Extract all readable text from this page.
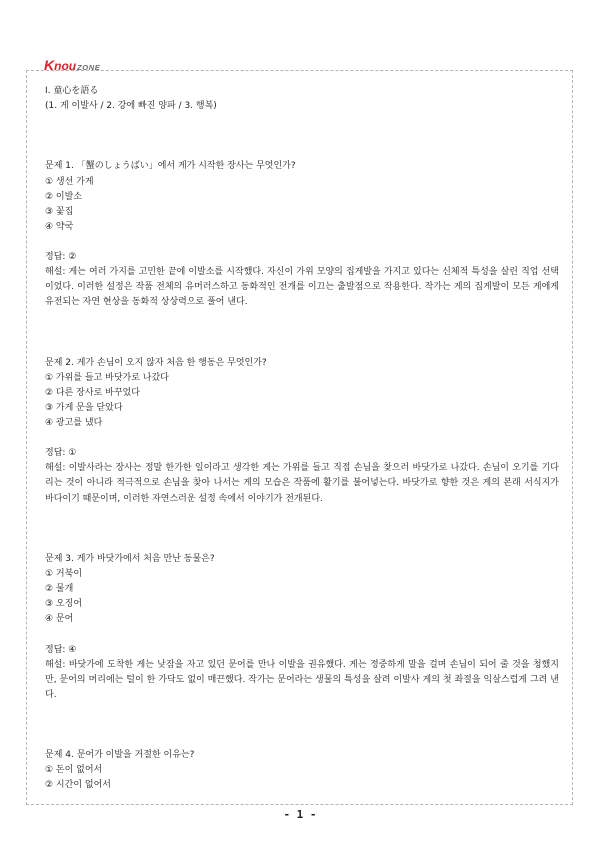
KnouZONE

Ⅰ. 童心を語る

(1. 게 이발사 / 2. 강에 빠진 양파 / 3. 행복)

문제 1. 「蟹のしょうばい」에서 게가 시작한 장사는 무엇인가?

① 생선 가게

② 이발소

③ 꽃집

④ 약국

정답: ②

해설: 게는 여러 가지를 고민한 끝에 이발소를 시작했다. 자신이 가위 모양의 집게발을 가지고 있다는 신체적 특성을 살린 직업 선택이었다. 이러한 설정은 작품 전체의 유머러스하고 동화적인 전개를 이끄는 출발점으로 작용한다. 작가는 게의 집게발이 모든 게에게 유전되는 자연 현상을 동화적 상상력으로 풀어 낸다.

문제 2. 게가 손님이 오지 않자 처음 한 행동은 무엇인가?

① 가위를 들고 바닷가로 나갔다

② 다른 장사로 바꾸었다

③ 가게 문을 닫았다

④ 광고를 냈다

정답: ①

해설: 이발사라는 장사는 정말 한가한 일이라고 생각한 게는 가위를 들고 직접 손님을 찾으러 바닷가로 나갔다. 손님이 오기를 기다리는 것이 아니라 적극적으로 손님을 찾아 나서는 게의 모습은 작품에 활기를 불어넣는다. 바닷가로 향한 것은 게의 본래 서식지가 바다이기 때문이며, 이러한 자연스러운 설정 속에서 이야기가 전개된다.

문제 3. 게가 바닷가에서 처음 만난 동물은?

① 거북이

② 물개

③ 오징어

④ 문어

정답: ④

해설: 바닷가에 도착한 게는 낮잠을 자고 있던 문어를 만나 이발을 권유했다. 게는 정중하게 말을 걸며 손님이 되어 줄 것을 청했지만, 문어의 머리에는 털이 한 가닥도 없이 매끈했다. 작가는 문어라는 생물의 특성을 살려 이발사 게의 첫 좌절을 익살스럽게 그려 낸다.

문제 4. 문어가 이발을 거절한 이유는?

① 돈이 없어서

② 시간이 없어서

- 1 -
